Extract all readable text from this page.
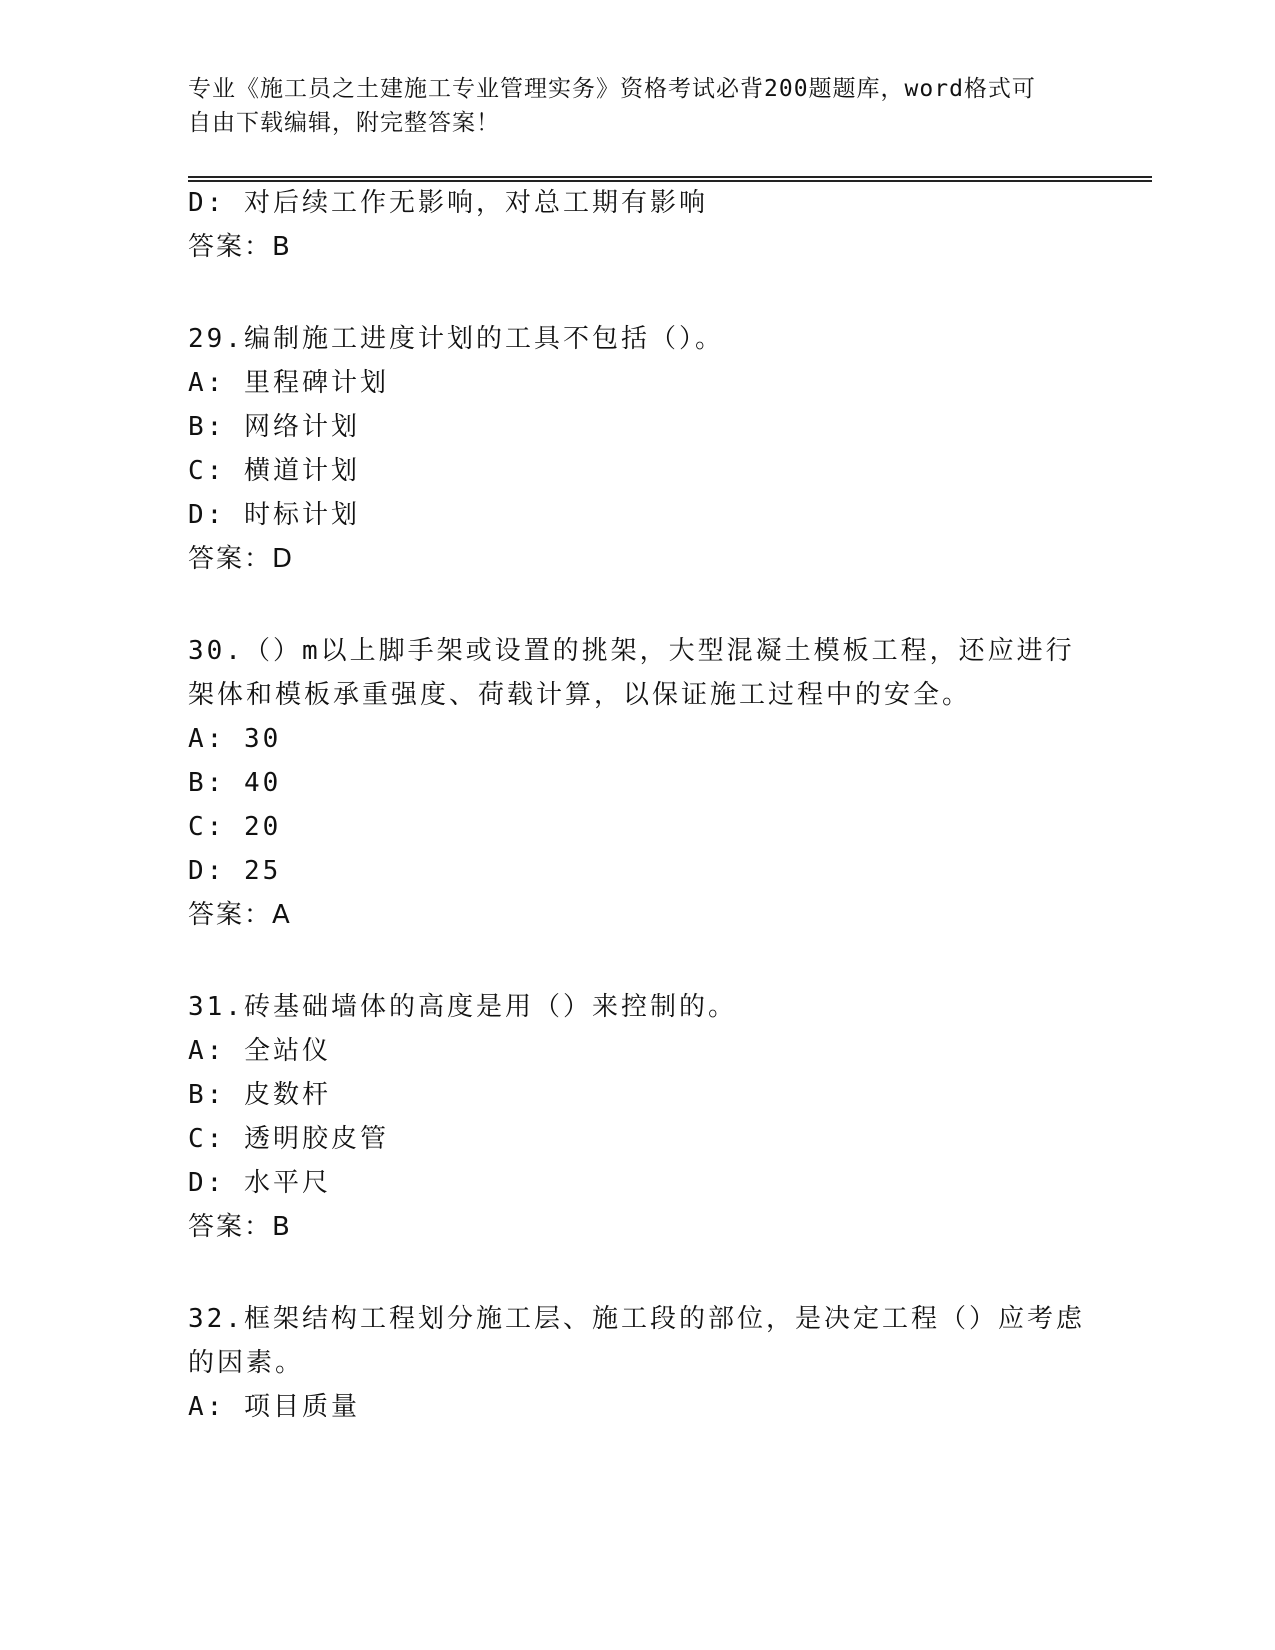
专业《施工员之土建施工专业管理实务》资格考试必背200题题库，word格式可
自由下载编辑，附完整答案！
D: 对后续工作无影响，对总工期有影响
答案：B
29.编制施工进度计划的工具不包括（）。
A: 里程碑计划
B: 网络计划
C: 横道计划
D: 时标计划
答案：D
30.（）m以上脚手架或设置的挑架，大型混凝土模板工程，还应进行
架体和模板承重强度、荷载计算，以保证施工过程中的安全。
A: 30
B: 40
C: 20
D: 25
答案：A
31.砖基础墙体的高度是用（）来控制的。
A: 全站仪
B: 皮数杆
C: 透明胶皮管
D: 水平尺
答案：B
32.框架结构工程划分施工层、施工段的部位，是决定工程（）应考虑
的因素。
A: 项目质量
